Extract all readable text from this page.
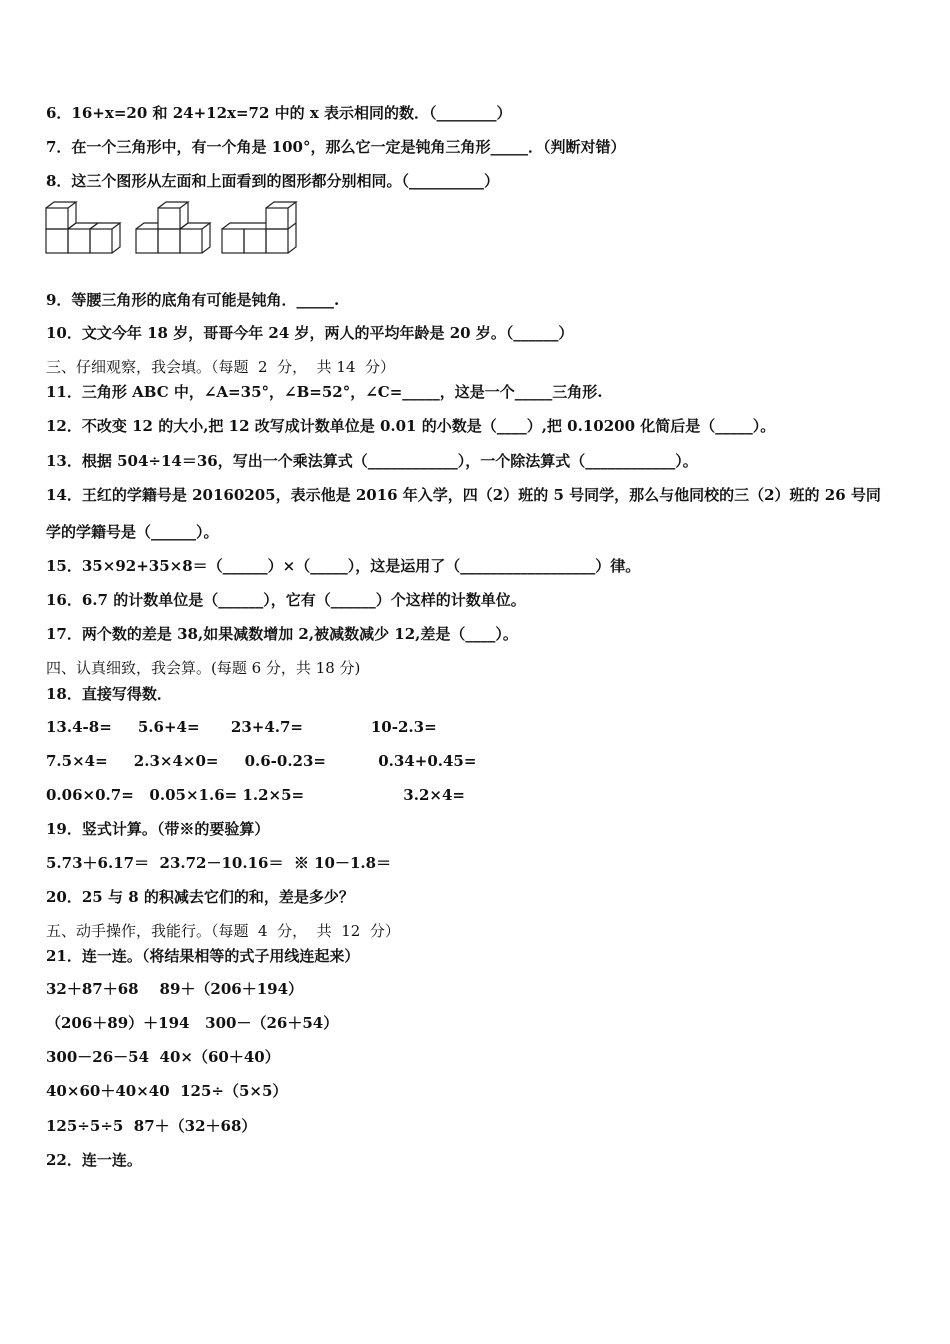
6．16+x=20 和 24+12x=72 中的 x 表示相同的数．（________）
7．在一个三角形中，有一个角是 100°，那么它一定是钝角三角形_____．（判断对错）
8．这三个图形从左面和上面看到的图形都分别相同。（__________）
9．等腰三角形的底角有可能是钝角．_____.
10．文文今年 18 岁，哥哥今年 24 岁，两人的平均年龄是 20 岁。（______）
三、仔细观察，我会填。（每题  2  分，  共 14  分）
11．三角形 ABC 中，∠A=35°，∠B=52°，∠C=_____，这是一个_____三角形.
12．不改变 12 的大小,把 12 改写成计数单位是 0.01 的小数是（____）,把 0.10200 化简后是（_____）。
13．根据 504÷14＝36，写出一个乘法算式（____________），一个除法算式（____________）。
14．王红的学籍号是 20160205，表示他是 2016 年入学，四（2）班的 5 号同学，那么与他同校的三（2）班的 26 号同
学的学籍号是（______）。
15．35×92+35×8＝（______）×（_____），这是运用了（__________________）律。
16．6.7 的计数单位是（______），它有（______）个这样的计数单位。
17．两个数的差是 38,如果减数增加 2,被减数减少 12,差是（____）。
四、认真细致，我会算。(每题 6 分，共 18 分)
18．直接写得数．
13.4-8=     5.6+4=      23+4.7=             10-2.3=
7.5×4=     2.3×4×0=     0.6-0.23=          0.34+0.45=
0.06×0.7=   0.05×1.6= 1.2×5=                   3.2×4=
19．竖式计算。（带※的要验算）
5.73＋6.17＝  23.72－10.16＝  ※ 10－1.8＝
20．25 与 8 的积减去它们的和，差是多少？
五、动手操作，我能行。（每题  4  分，  共  12  分）
21．连一连。（将结果相等的式子用线连起来）
32＋87＋68    89＋（206＋194）
（206＋89）＋194   300－（26＋54）
300－26－54  40×（60＋40）
40×60＋40×40  125÷（5×5）
125÷5÷5  87＋（32＋68）
22．连一连。
